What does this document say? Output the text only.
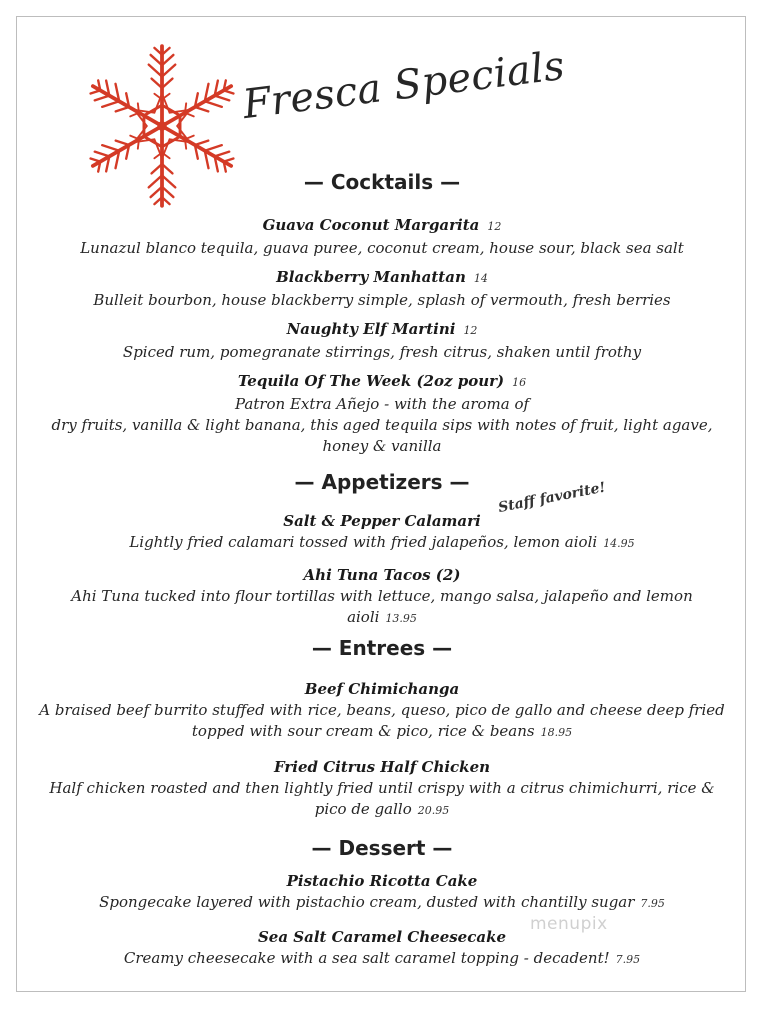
Fresca Specials
— Cocktails —
Guava Coconut Margarita 12
Lunazul blanco tequila, guava puree, coconut cream, house sour, black sea salt
Blackberry Manhattan 14
Bulleit bourbon, house blackberry simple, splash of vermouth, fresh berries
Naughty Elf Martini 12
Spiced rum, pomegranate stirrings, fresh citrus, shaken until frothy
Tequila Of The Week (2oz pour) 16
Patron Extra Añejo - with the aroma of
dry fruits, vanilla & light banana, this aged tequila sips with notes of fruit, light agave,
honey & vanilla
— Appetizers —	Staff favorite!
Salt & Pepper Calamari
Lightly fried calamari tossed with fried jalapeños, lemon aioli 14.95
Ahi Tuna Tacos (2)
Ahi Tuna tucked into flour tortillas with lettuce, mango salsa, jalapeño and lemon
aioli 13.95
— Entrees —
Beef Chimichanga
A braised beef burrito stuffed with rice, beans, queso, pico de gallo and cheese deep fried
topped with sour cream & pico, rice & beans 18.95
Fried Citrus Half Chicken
Half chicken roasted and then lightly fried until crispy with a citrus chimichurri, rice &
pico de gallo 20.95
— Dessert —
Pistachio Ricotta Cake
Spongecake layered with pistachio cream, dusted with chantilly sugar 7.95
Sea Salt Caramel Cheesecake
Creamy cheesecake with a sea salt caramel topping - decadent! 7.95
menupix
